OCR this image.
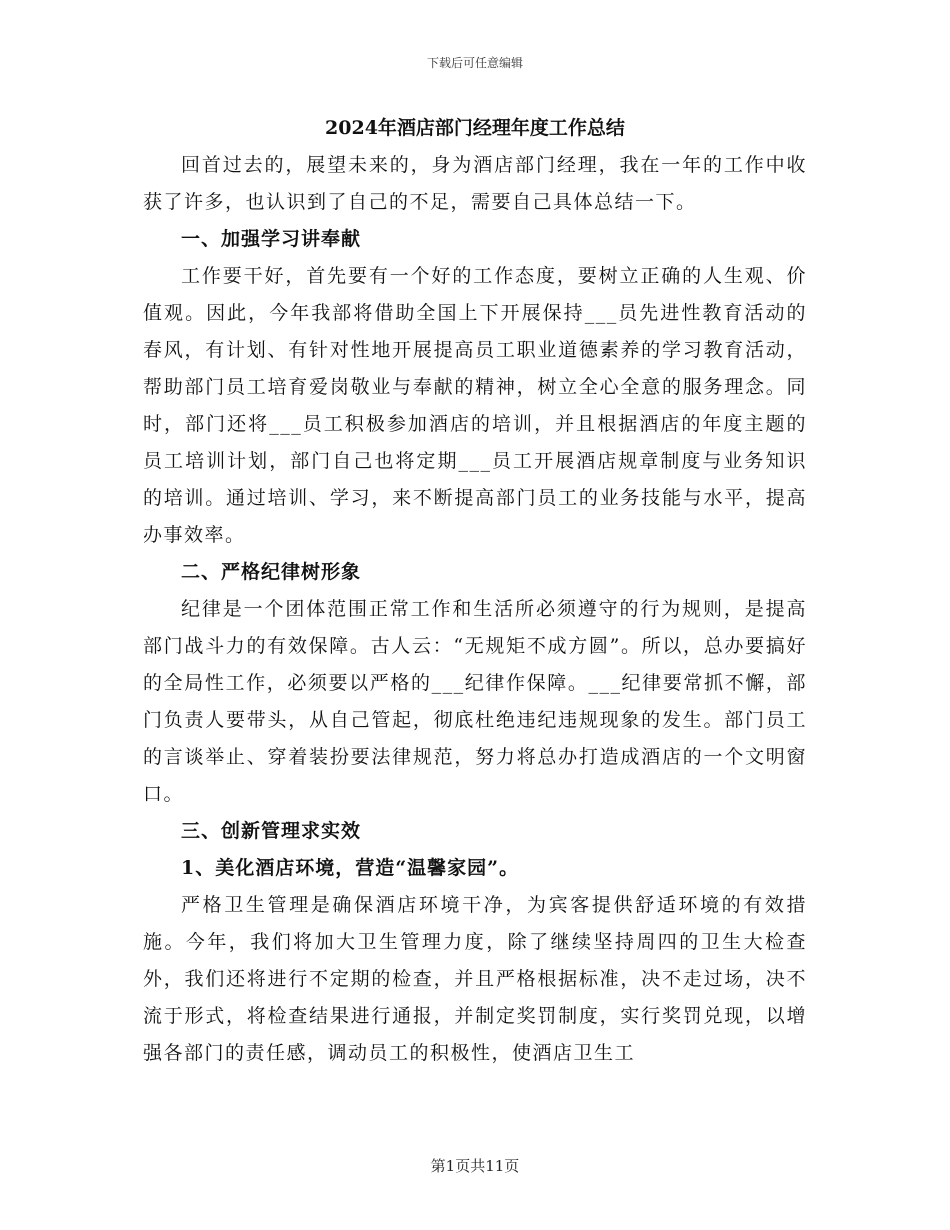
下载后可任意编辑
2024年酒店部门经理年度工作总结

回首过去的，展望未来的，身为酒店部门经理，我在一年的工作中收获了许多，也认识到了自己的不足，需要自己具体总结一下。

一、加强学习讲奉献

工作要干好，首先要有一个好的工作态度，要树立正确的人生观、价值观。因此，今年我部将借助全国上下开展保持___员先进性教育活动的春风，有计划、有针对性地开展提高员工职业道德素养的学习教育活动，帮助部门员工培育爱岗敬业与奉献的精神，树立全心全意的服务理念。同时，部门还将___员工积极参加酒店的培训，并且根据酒店的年度主题的员工培训计划，部门自己也将定期___员工开展酒店规章制度与业务知识的培训。通过培训、学习，来不断提高部门员工的业务技能与水平，提高办事效率。

二、严格纪律树形象

纪律是一个团体范围正常工作和生活所必须遵守的行为规则，是提高部门战斗力的有效保障。古人云：“无规矩不成方圆”。所以，总办要搞好的全局性工作，必须要以严格的___纪律作保障。___纪律要常抓不懈，部门负责人要带头，从自己管起，彻底杜绝违纪违规现象的发生。部门员工的言谈举止、穿着装扮要法律规范，努力将总办打造成酒店的一个文明窗口。

三、创新管理求实效

1、美化酒店环境，营造“温馨家园”。

严格卫生管理是确保酒店环境干净，为宾客提供舒适环境的有效措施。今年，我们将加大卫生管理力度，除了继续坚持周四的卫生大检查外，我们还将进行不定期的检查，并且严格根据标准，决不走过场，决不流于形式，将检查结果进行通报，并制定奖罚制度，实行奖罚兑现，以增强各部门的责任感，调动员工的积极性，使酒店卫生工

第1页共11页
